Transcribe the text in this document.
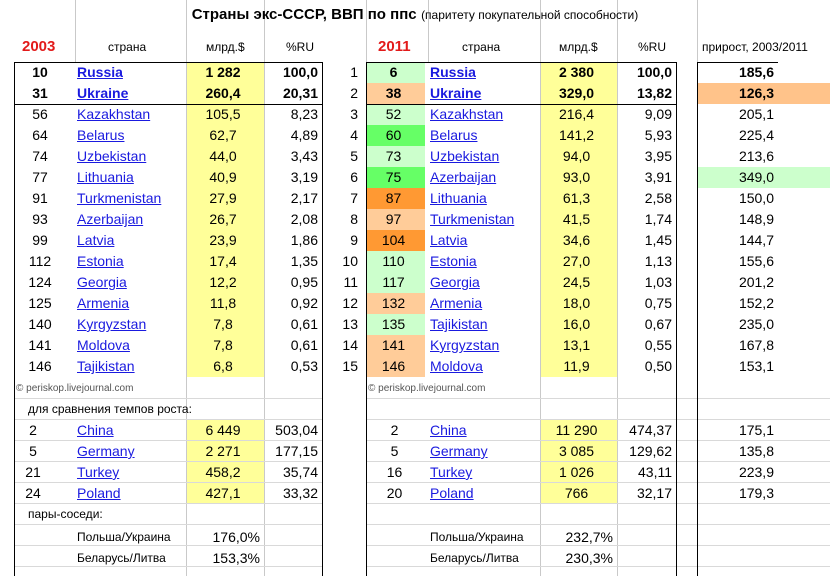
Страны экс-СССР, ВВП по ппс (паритету покупательной способности)
2003	страна	млрд.$	%RU	2011	страна	млрд.$	%RU	прирост, 2003/2011
10	Russia	1 282	100,0	1	6	Russia	2 380	100,0	185,6
31	Ukraine	260,4	20,31	2	38	Ukraine	329,0	13,82	126,3
56	Kazakhstan	105,5	8,23	3	52	Kazakhstan	216,4	9,09	205,1
64	Belarus	62,7	4,89	4	60	Belarus	141,2	5,93	225,4
74	Uzbekistan	44,0	3,43	5	73	Uzbekistan	94,0	3,95	213,6
77	Lithuania	40,9	3,19	6	75	Azerbaijan	93,0	3,91	349,0
91	Turkmenistan	27,9	2,17	7	87	Lithuania	61,3	2,58	150,0
93	Azerbaijan	26,7	2,08	8	97	Turkmenistan	41,5	1,74	148,9
99	Latvia	23,9	1,86	9	104	Latvia	34,6	1,45	144,7
112	Estonia	17,4	1,35	10	110	Estonia	27,0	1,13	155,6
124	Georgia	12,2	0,95	11	117	Georgia	24,5	1,03	201,2
125	Armenia	11,8	0,92	12	132	Armenia	18,0	0,75	152,2
140	Kyrgyzstan	7,8	0,61	13	135	Tajikistan	16,0	0,67	235,0
141	Moldova	7,8	0,61	14	141	Kyrgyzstan	13,1	0,55	167,8
146	Tajikistan	6,8	0,53	15	146	Moldova	11,9	0,50	153,1
© periskop.livejournal.com	© periskop.livejournal.com
для сравнения темпов роста:
2	China	6 449	503,04	2	China	11 290	474,37	175,1
5	Germany	2 271	177,15	5	Germany	3 085	129,62	135,8
21	Turkey	458,2	35,74	16	Turkey	1 026	43,11	223,9
24	Poland	427,1	33,32	20	Poland	766	32,17	179,3
пары-соседи:
Польша/Украина	176,0%	Польша/Украина	232,7%
Беларусь/Литва	153,3%	Беларусь/Литва	230,3%
